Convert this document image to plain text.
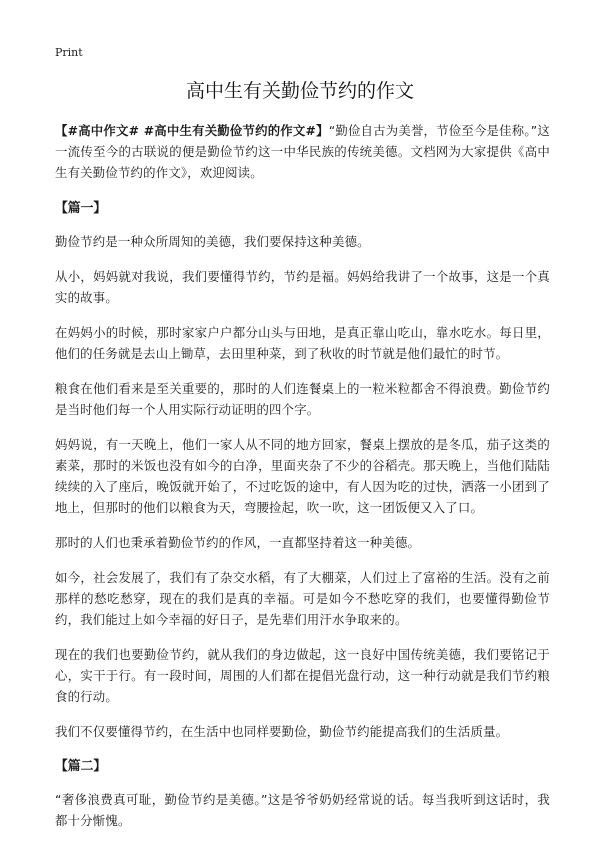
Print
高中生有关勤俭节约的作文

【#高中作文# #高中生有关勤俭节约的作文#】“勤俭自古为美誉，节俭至今是佳称。”这一流传至今的古联说的便是勤俭节约这一中华民族的传统美德。文档网为大家提供《高中生有关勤俭节约的作文》，欢迎阅读。

【篇一】

勤俭节约是一种众所周知的美德，我们要保持这种美德。

从小，妈妈就对我说，我们要懂得节约，节约是福。妈妈给我讲了一个故事，这是一个真实的故事。

在妈妈小的时候，那时家家户户都分山头与田地，是真正靠山吃山，靠水吃水。每日里，他们的任务就是去山上锄草，去田里种菜，到了秋收的时节就是他们最忙的时节。

粮食在他们看来是至关重要的，那时的人们连餐桌上的一粒米粒都舍不得浪费。勤俭节约是当时他们每一个人用实际行动证明的四个字。

妈妈说，有一天晚上，他们一家人从不同的地方回家，餐桌上摆放的是冬瓜，茄子这类的素菜，那时的米饭也没有如今的白净，里面夹杂了不少的谷稻壳。那天晚上，当他们陆陆续续的入了座后，晚饭就开始了，不过吃饭的途中，有人因为吃的过快，洒落一小团到了地上，但那时的他们以粮食为天，弯腰捡起，吹一吹，这一团饭便又入了口。

那时的人们也秉承着勤俭节约的作风，一直都坚持着这一种美德。

如今，社会发展了，我们有了杂交水稻，有了大棚菜，人们过上了富裕的生活。没有之前那样的愁吃愁穿，现在的我们是真的幸福。可是如今不愁吃穿的我们，也要懂得勤俭节约，我们能过上如今幸福的好日子，是先辈们用汗水争取来的。

现在的我们也要勤俭节约，就从我们的身边做起，这一良好中国传统美德，我们要铭记于心，实干于行。有一段时间，周围的人们都在提倡光盘行动，这一种行动就是我们节约粮食的行动。

我们不仅要懂得节约，在生活中也同样要勤俭，勤俭节约能提高我们的生活质量。

【篇二】

“奢侈浪费真可耻，勤俭节约是美德。”这是爷爷奶奶经常说的话。每当我听到这话时，我都十分惭愧。
